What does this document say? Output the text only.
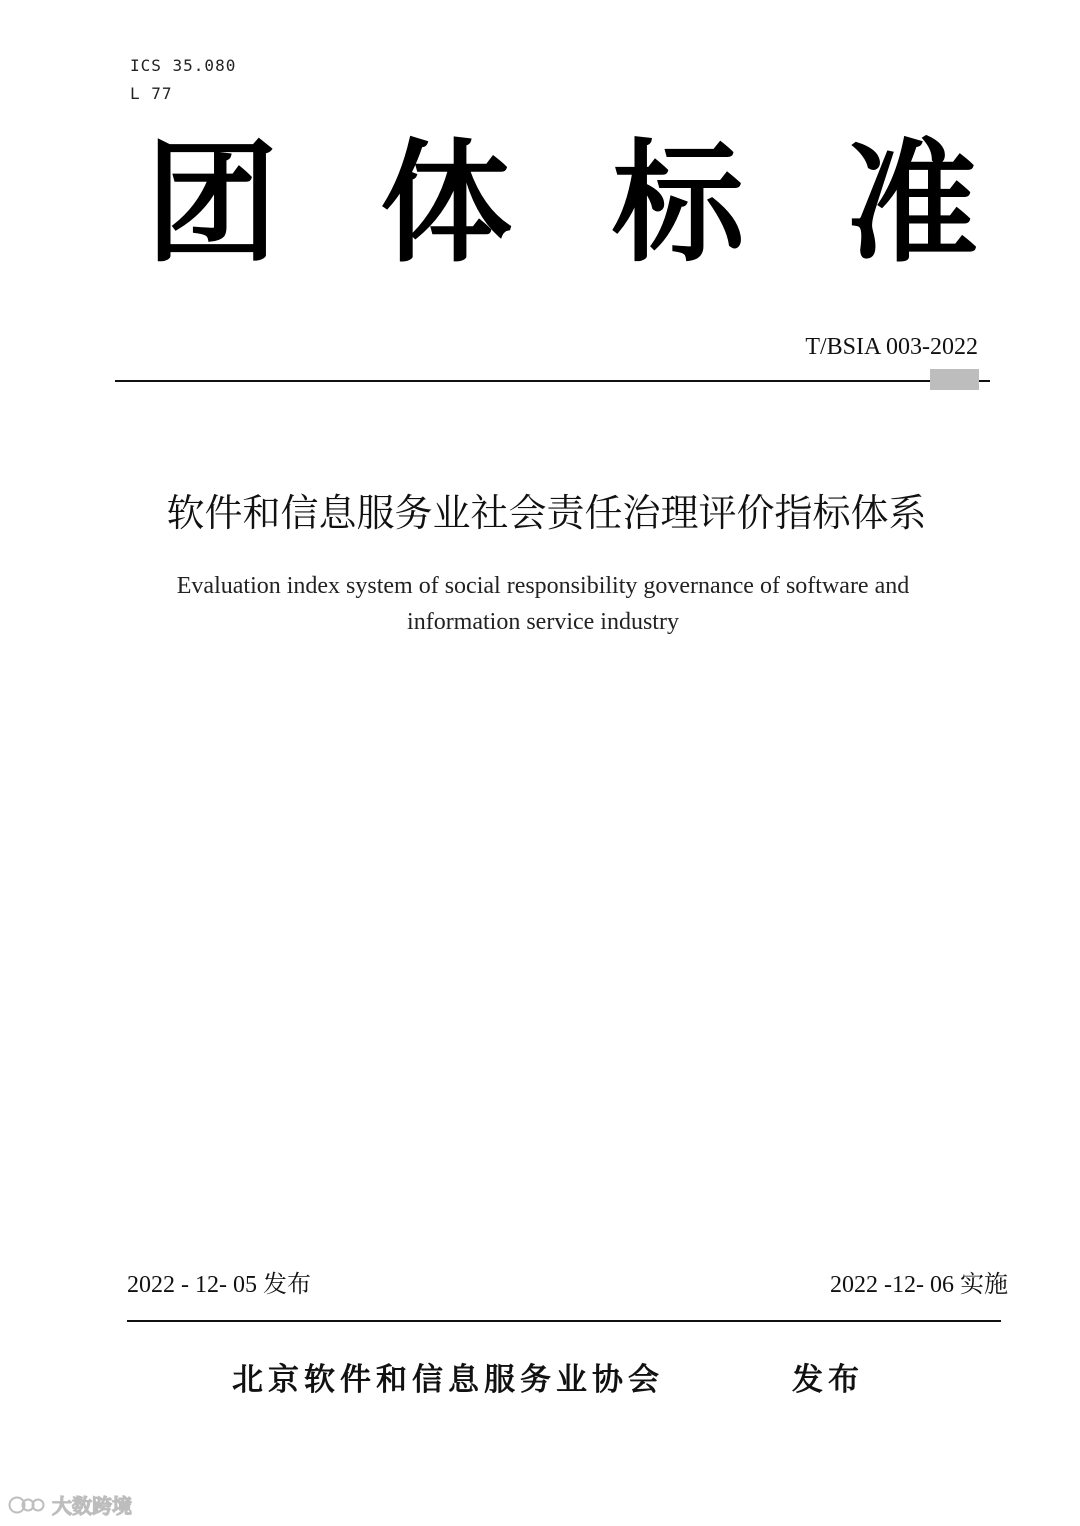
ICS 35.080
L 77
团 体 标 准
T/BSIA 003-2022
软件和信息服务业社会责任治理评价指标体系
Evaluation index system of social responsibility governance of software and information service industry
2022 - 12- 05 发布	2022 -12- 06 实施
北京软件和信息服务业协会	发布
大数跨境
